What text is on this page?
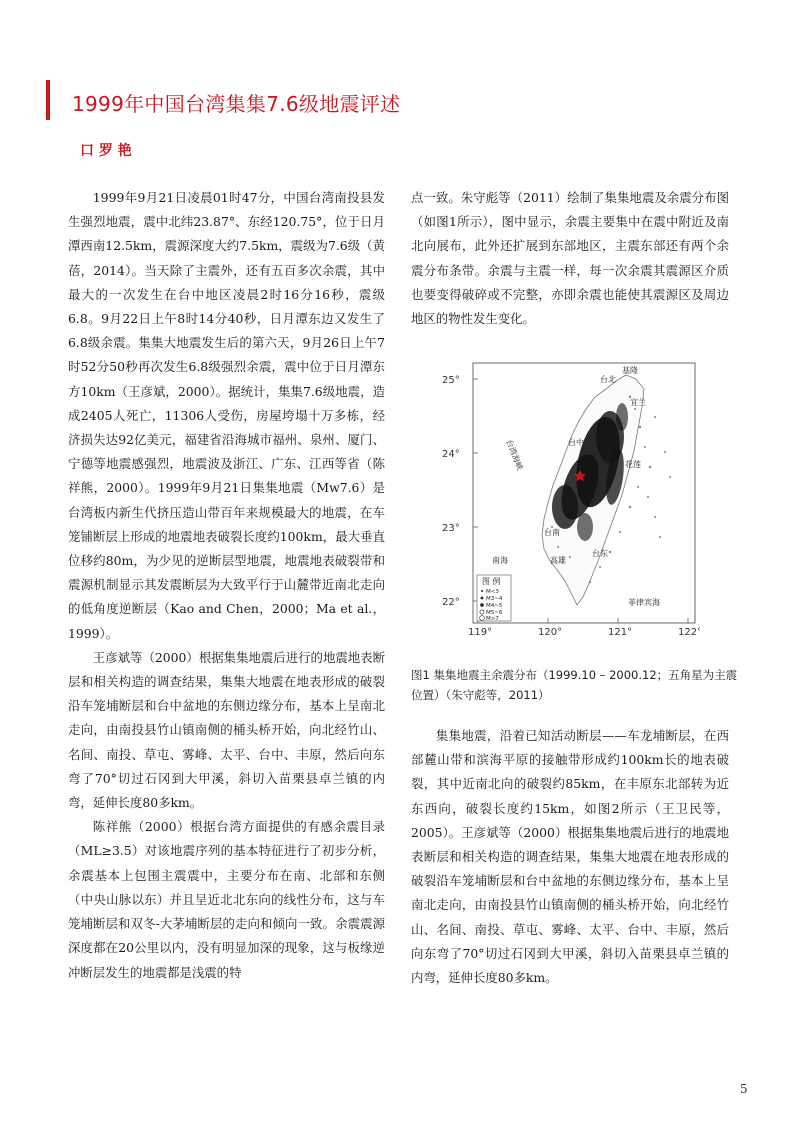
1999年中国台湾集集7.6级地震评述
口 罗 艳

1999年9月21日凌晨01时47分，中国台湾南投县发生强烈地震，震中北纬23.87°、东经120.75°，位于日月潭西南12.5km，震源深度大约7.5km，震级为7.6级（黄蓓，2014）。当天除了主震外，还有五百多次余震，其中最大的一次发生在台中地区凌晨2时16分16秒，震级6.8。9月22日上午8时14分40秒，日月潭东边又发生了6.8级余震。集集大地震发生后的第六天，9月26日上午7时52分50秒再次发生6.8级强烈余震，震中位于日月潭东方10km（王彦斌，2000）。据统计，集集7.6级地震，造成2405人死亡，11306人受伤，房屋垮塌十万多栋，经济损失达92亿美元，福建省沿海城市福州、泉州、厦门、宁德等地震感强烈，地震波及浙江、广东、江西等省（陈祥熊，2000）。1999年9月21日集集地震（Mw7.6）是台湾板内新生代挤压造山带百年来规模最大的地震，在车笼铺断层上形成的地震地表破裂长度约100km，最大垂直位移约80m，为少见的逆断层型地震，地震地表破裂带和震源机制显示其发震断层为大致平行于山麓带近南北走向的低角度逆断层（Kao and Chen，2000；Ma et al.，1999）。

王彦斌等（2000）根据集集地震后进行的地震地表断层和相关构造的调查结果，集集大地震在地表形成的破裂沿车笼埔断层和台中盆地的东侧边缘分布，基本上呈南北走向，由南投县竹山镇南侧的桶头桥开始，向北经竹山、名间、南投、草屯、雾峰、太平、台中、丰原，然后向东弯了70°切过石冈到大甲溪，斜切入苗栗县卓兰镇的内弯，延伸长度80多km。

陈祥熊（2000）根据台湾方面提供的有感余震目录（ML≥3.5）对该地震序列的基本特征进行了初步分析，余震基本上包围主震震中，主要分布在南、北部和东侧（中央山脉以东）并且呈近北北东向的线性分布，这与车笼埔断层和双冬-大茅埔断层的走向和倾向一致。余震震源深度都在20公里以内，没有明显加深的现象，这与板缘逆冲断层发生的地震都是浅震的特

点一致。朱守彪等（2011）绘制了集集地震及余震分布图（如图1所示），图中显示，余震主要集中在震中附近及南北向展布，此外还扩展到东部地区，主震东部还有两个余震分布条带。余震与主震一样，每一次余震其震源区介质也要变得破碎或不完整，亦即余震也能使其震源区及周边地区的物性发生变化。

25°
24°
23°
22°
119°	120°	121°	122°
基隆
台北
宜兰
台中
花莲
台南
台东
高雄
南海
菲律宾海
台湾海峡
图 例
M<3
M3~4
M4~5
M5~6
M>7
图1 集集地震主余震分布（1999.10 – 2000.12；五角星为主震位置）（朱守彪等，2011）

集集地震，沿着已知活动断层——车龙埔断层，在西部麓山带和滨海平原的接触带形成约100km长的地表破裂，其中近南北向的破裂约85km，在丰原东北部转为近东西向，破裂长度约15km，如图2所示（王卫民等，2005）。王彦斌等（2000）根据集集地震后进行的地震地表断层和相关构造的调查结果，集集大地震在地表形成的破裂沿车笼埔断层和台中盆地的东侧边缘分布，基本上呈南北走向，由南投县竹山镇南侧的桶头桥开始，向北经竹山、名间、南投、草屯、雾峰、太平、台中、丰原，然后向东弯了70°切过石冈到大甲溪，斜切入苗栗县卓兰镇的内弯，延伸长度80多km。

5
